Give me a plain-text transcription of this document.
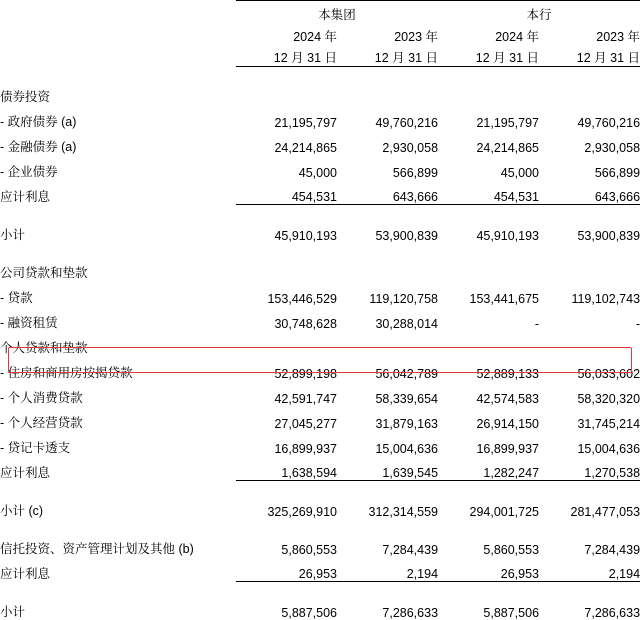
	本集团		本行	
	2024 年	2023 年	2024 年	2023 年
	12 月 31 日	12 月 31 日	12 月 31 日	12 月 31 日

债券投资				
- 政府债券 (a)	21,195,797	49,760,216	21,195,797	49,760,216
- 金融债券 (a)	24,214,865	2,930,058	24,214,865	2,930,058
- 企业债券	45,000	566,899	45,000	566,899
应计利息	454,531	643,666	454,531	643,666

小计	45,910,193	53,900,839	45,910,193	53,900,839

公司贷款和垫款				
- 贷款	153,446,529	119,120,758	153,441,675	119,102,743
- 融资租赁	30,748,628	30,288,014	-	-
个人贷款和垫款				
- 住房和商用房按揭贷款	52,899,198	56,042,789	52,889,133	56,033,602
- 个人消费贷款	42,591,747	58,339,654	42,574,583	58,320,320
- 个人经营贷款	27,045,277	31,879,163	26,914,150	31,745,214
- 贷记卡透支	16,899,937	15,004,636	16,899,937	15,004,636
应计利息	1,638,594	1,639,545	1,282,247	1,270,538

小计 (c)	325,269,910	312,314,559	294,001,725	281,477,053

信托投资、资产管理计划及其他 (b)	5,860,553	7,284,439	5,860,553	7,284,439
应计利息	26,953	2,194	26,953	2,194

小计	5,887,506	7,286,633	5,887,506	7,286,633
